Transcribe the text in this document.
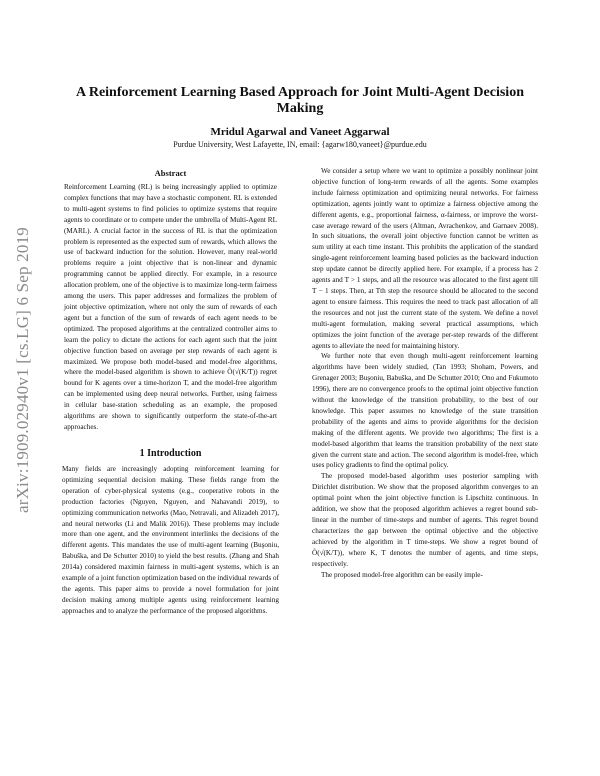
arXiv:1909.02940v1 [cs.LG] 6 Sep 2019
A Reinforcement Learning Based Approach for Joint Multi-Agent Decision Making
Mridul Agarwal and Vaneet Aggarwal
Purdue University, West Lafayette, IN, email: {agarw180,vaneet}@purdue.edu
Abstract

Reinforcement Learning (RL) is being increasingly applied to optimize complex functions that may have a stochastic component. RL is extended to multi-agent systems to find policies to optimize systems that require agents to coordinate or to compete under the umbrella of Multi-Agent RL (MARL). A crucial factor in the success of RL is that the optimization problem is represented as the expected sum of rewards, which allows the use of backward induction for the solution. However, many real-world problems require a joint objective that is non-linear and dynamic programming cannot be applied directly. For example, in a resource allocation problem, one of the objective is to maximize long-term fairness among the users. This paper addresses and formalizes the problem of joint objective optimization, where not only the sum of rewards of each agent but a function of the sum of rewards of each agent needs to be optimized. The proposed algorithms at the centralized controller aims to learn the policy to dictate the actions for each agent such that the joint objective function based on average per step rewards of each agent is maximized. We propose both model-based and model-free algorithms, where the model-based algorithm is shown to achieve Õ(√(K/T)) regret bound for K agents over a time-horizon T, and the model-free algorithm can be implemented using deep neural networks. Further, using fairness in cellular base-station scheduling as an example, the proposed algorithms are shown to significantly outperform the state-of-the-art approaches.

1 Introduction

Many fields are increasingly adopting reinforcement learning for optimizing sequential decision making. These fields range from the operation of cyber-physical systems (e.g., cooperative robots in the production factories (Nguyen, Nguyen, and Nahavandi 2019), to optimizing communication networks (Mao, Netravali, and Alizadeh 2017), and neural networks (Li and Malik 2016)). These problems may include more than one agent, and the environment interlinks the decisions of the different agents. This mandates the use of multi-agent learning (Buşoniu, Babuška, and De Schutter 2010) to yield the best results. (Zhang and Shah 2014a) considered maximin fairness in multi-agent systems, which is an example of a joint function optimization based on the individual rewards of the agents. This paper aims to provide a novel formulation for joint decision making among multiple agents using reinforcement learning approaches and to analyze the performance of the proposed algorithms.

We consider a setup where we want to optimize a possibly nonlinear joint objective function of long-term rewards of all the agents. Some examples include fairness optimization and optimizing neural networks. For fairness optimization, agents jointly want to optimize a fairness objective among the different agents, e.g., proportional fairness, α-fairness, or improve the worst-case average reward of the users (Altman, Avrachenkov, and Garnaev 2008). In such situations, the overall joint objective function cannot be written as sum utility at each time instant. This prohibits the application of the standard single-agent reinforcement learning based policies as the backward induction step update cannot be directly applied here. For example, if a process has 2 agents and T > 1 steps, and all the resource was allocated to the first agent till T − 1 steps. Then, at Tth step the resource should be allocated to the second agent to ensure fairness. This requires the need to track past allocation of all the resources and not just the current state of the system. We define a novel multi-agent formulation, making several practical assumptions, which optimizes the joint function of the average per-step rewards of the different agents to alleviate the need for maintaining history.

We further note that even though multi-agent reinforcement learning algorithms have been widely studied, (Tan 1993; Shoham, Powers, and Grenager 2003; Buşoniu, Babuška, and De Schutter 2010; Ono and Fukumoto 1996), there are no convergence proofs to the optimal joint objective function without the knowledge of the transition probability, to the best of our knowledge. This paper assumes no knowledge of the state transition probability of the agents and aims to provide algorithms for the decision making of the different agents. We provide two algorithms; The first is a model-based algorithm that learns the transition probability of the next state given the current state and action. The second algorithm is model-free, which uses policy gradients to find the optimal policy.

The proposed model-based algorithm uses posterior sampling with Dirichlet distribution. We show that the proposed algorithm converges to an optimal point when the joint objective function is Lipschitz continuous. In addition, we show that the proposed algorithm achieves a regret bound sub-linear in the number of time-steps and number of agents. This regret bound characterizes the gap between the optimal objective and the objective achieved by the algorithm in T time-steps. We show a regret bound of Õ(√(K/T)), where K, T denotes the number of agents, and time steps, respectively.

The proposed model-free algorithm can be easily imple-
